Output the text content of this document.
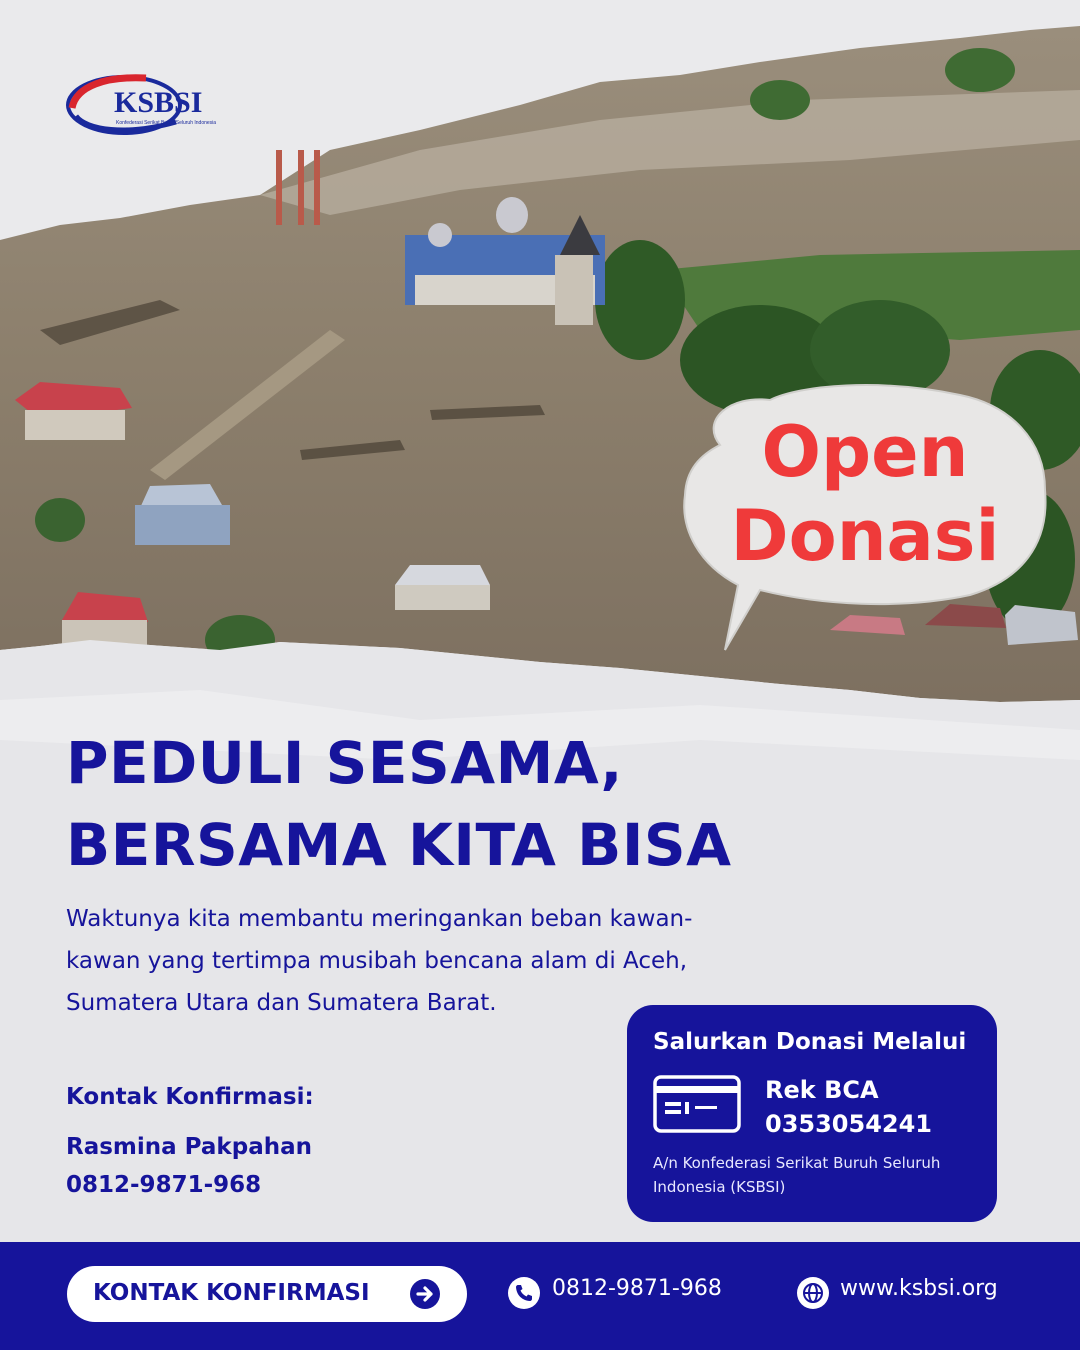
KSBSI
Konfederasi Serikat Buruh Seluruh Indonesia
Open
Donasi
PEDULI SESAMA,
BERSAMA KITA BISA
Waktunya kita membantu meringankan beban kawan-
kawan yang tertimpa musibah bencana alam di Aceh,
Sumatera Utara dan Sumatera Barat.
Kontak Konfirmasi:
Rasmina Pakpahan
0812-9871-968
Salurkan Donasi Melalui
Rek BCA
0353054241
A/n Konfederasi Serikat Buruh Seluruh Indonesia (KSBSI)
KONTAK KONFIRMASI	0812-9871-968	www.ksbsi.org
